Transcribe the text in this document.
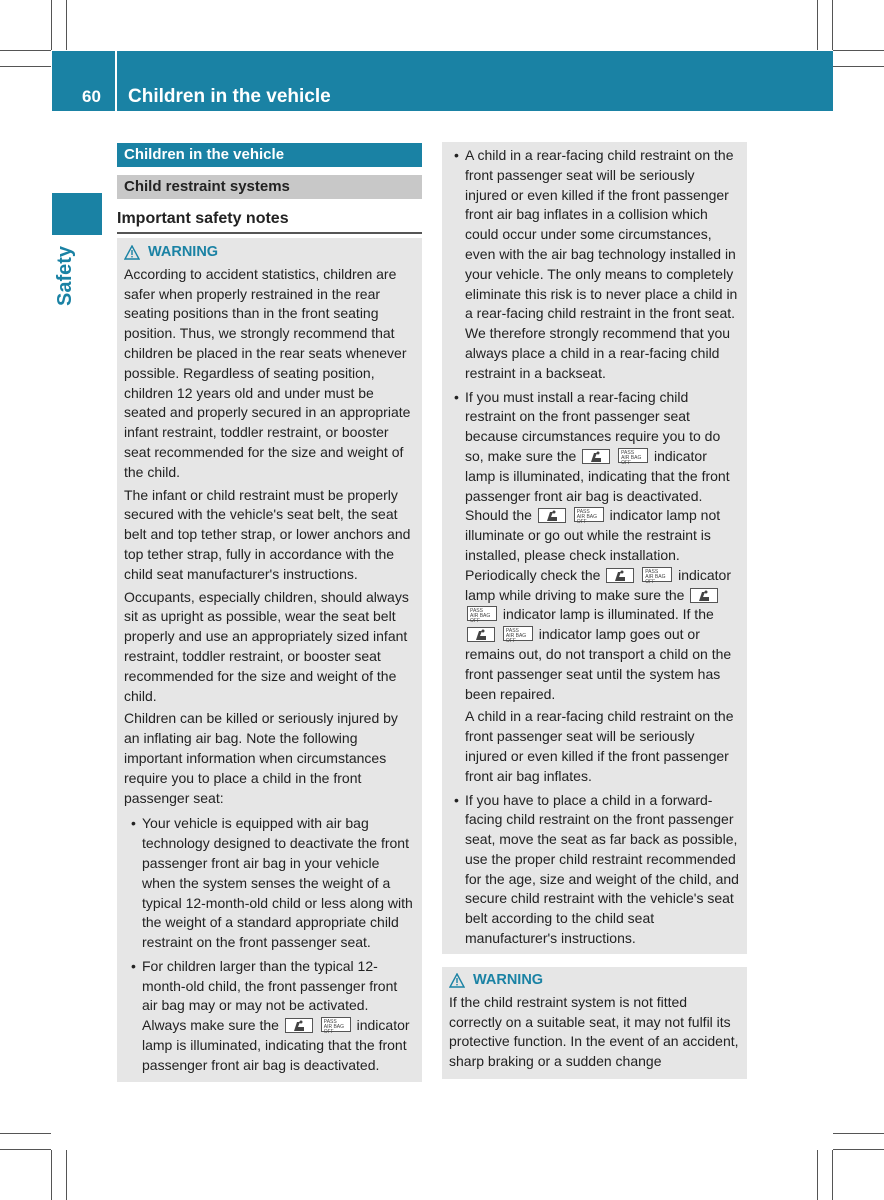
60 Children in the vehicle
Safety
Children in the vehicle
Child restraint systems
Important safety notes
WARNING

According to accident statistics, children are safer when properly restrained in the rear seating positions than in the front seating position. Thus, we strongly recommend that children be placed in the rear seats whenever possible. Regardless of seating position, children 12 years old and under must be seated and properly secured in an appropriate infant restraint, toddler restraint, or booster seat recommended for the size and weight of the child.

The infant or child restraint must be properly secured with the vehicle's seat belt, the seat belt and top tether strap, or lower anchors and top tether strap, fully in accordance with the child seat manufacturer's instructions.

Occupants, especially children, should always sit as upright as possible, wear the seat belt properly and use an appropriately sized infant restraint, toddler restraint, or booster seat recommended for the size and weight of the child.

Children can be killed or seriously injured by an inflating air bag. Note the following important information when circumstances require you to place a child in the front passenger seat:

• Your vehicle is equipped with air bag technology designed to deactivate the front passenger front air bag in your vehicle when the system senses the weight of a typical 12-month-old child or less along with the weight of a standard appropriate child restraint on the front passenger seat.
• For children larger than the typical 12-month-old child, the front passenger front air bag may or may not be activated. Always make sure the	PASS
AIR BAG OFF indicator lamp is illuminated, indicating that the front passenger front air bag is deactivated.
• A child in a rear-facing child restraint on the front passenger seat will be seriously injured or even killed if the front passenger front air bag inflates in a collision which could occur under some circumstances, even with the air bag technology installed in your vehicle. The only means to completely eliminate this risk is to never place a child in a rear-facing child restraint in the front seat. We therefore strongly recommend that you always place a child in a rear-facing child restraint in a backseat.
• If you must install a rear-facing child restraint on the front passenger seat because circumstances require you to do so, make sure the	PASS
AIR BAG OFF indicator lamp is illuminated, indicating that the front passenger front air bag is deactivated. Should the	PASS
AIR BAG OFF indicator lamp not illuminate or go out while the restraint is installed, please check installation. Periodically check the	PASS
AIR BAG OFF indicator lamp while driving to make sure the
PASS
AIR BAG OFF indicator lamp is illuminated. If the
PASS
AIR BAG OFF indicator lamp goes out or remains out, do not transport a child on the front passenger seat until the system has been repaired.

A child in a rear-facing child restraint on the front passenger seat will be seriously injured or even killed if the front passenger front air bag inflates.

• If you have to place a child in a forward-facing child restraint on the front passenger seat, move the seat as far back as possible, use the proper child restraint recommended for the age, size and weight of the child, and secure child restraint with the vehicle's seat belt according to the child seat manufacturer's instructions.
WARNING

If the child restraint system is not fitted correctly on a suitable seat, it may not fulfil its protective function. In the event of an accident, sharp braking or a sudden change
